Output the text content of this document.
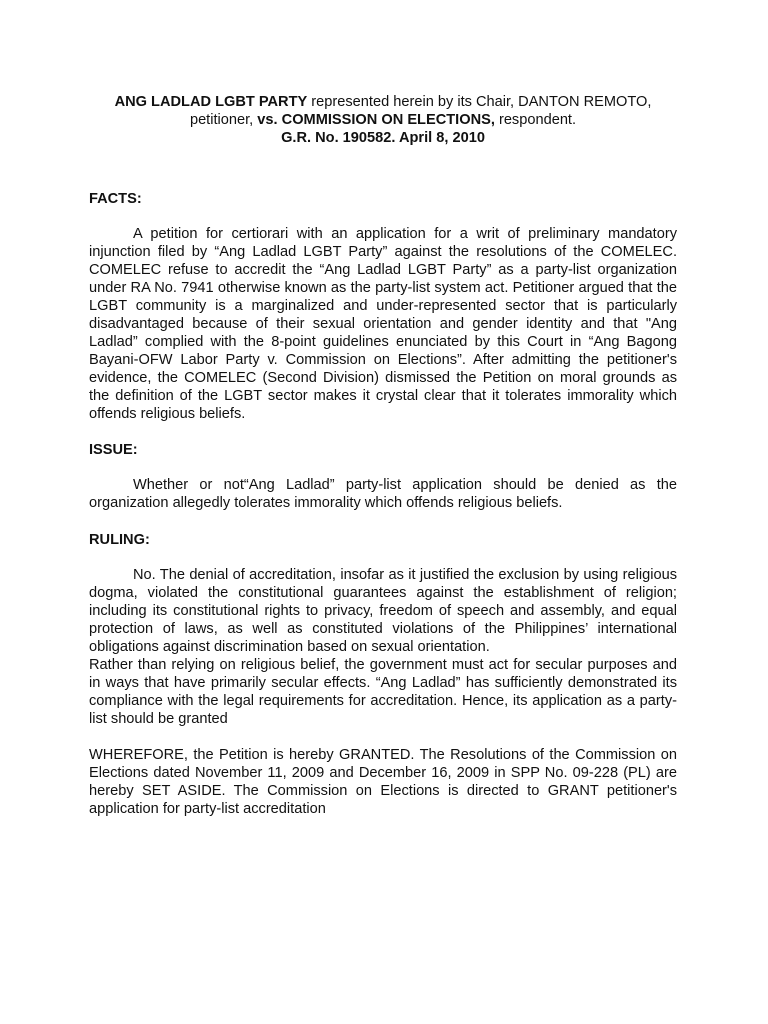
ANG LADLAD LGBT PARTY represented herein by its Chair, DANTON REMOTO,
petitioner, vs. COMMISSION ON ELECTIONS, respondent.
G.R. No. 190582. April 8, 2010

FACTS:

A petition for certiorari with an application for a writ of preliminary mandatory injunction filed by “Ang Ladlad LGBT Party” against the resolutions of the COMELEC. COMELEC refuse to accredit the “Ang Ladlad LGBT Party” as a party-list organization under RA No. 7941 otherwise known as the party-list system act. Petitioner argued that the LGBT community is a marginalized and under-represented sector that is particularly disadvantaged because of their sexual orientation and gender identity and that "Ang Ladlad” complied with the 8-point guidelines enunciated by this Court in “Ang Bagong Bayani-OFW Labor Party v. Commission on Elections”. After admitting the petitioner's evidence, the COMELEC (Second Division) dismissed the Petition on moral grounds as the definition of the LGBT sector makes it crystal clear that it tolerates immorality which offends religious beliefs.

ISSUE:

Whether or not“Ang Ladlad” party-list application should be denied as the organization allegedly tolerates immorality which offends religious beliefs.

RULING:

No. The denial of accreditation, insofar as it justified the exclusion by using religious dogma, violated the constitutional guarantees against the establishment of religion; including its constitutional rights to privacy, freedom of speech and assembly, and equal protection of laws, as well as constituted violations of the Philippines’ international obligations against discrimination based on sexual orientation.

Rather than relying on religious belief, the government must act for secular purposes and in ways that have primarily secular effects. “Ang Ladlad” has sufficiently demonstrated its compliance with the legal requirements for accreditation. Hence, its application as a party-list should be granted

WHEREFORE, the Petition is hereby GRANTED. The Resolutions of the Commission on Elections dated November 11, 2009 and December 16, 2009 in SPP No. 09-228 (PL) are hereby SET ASIDE. The Commission on Elections is directed to GRANT petitioner's application for party-list accreditation
